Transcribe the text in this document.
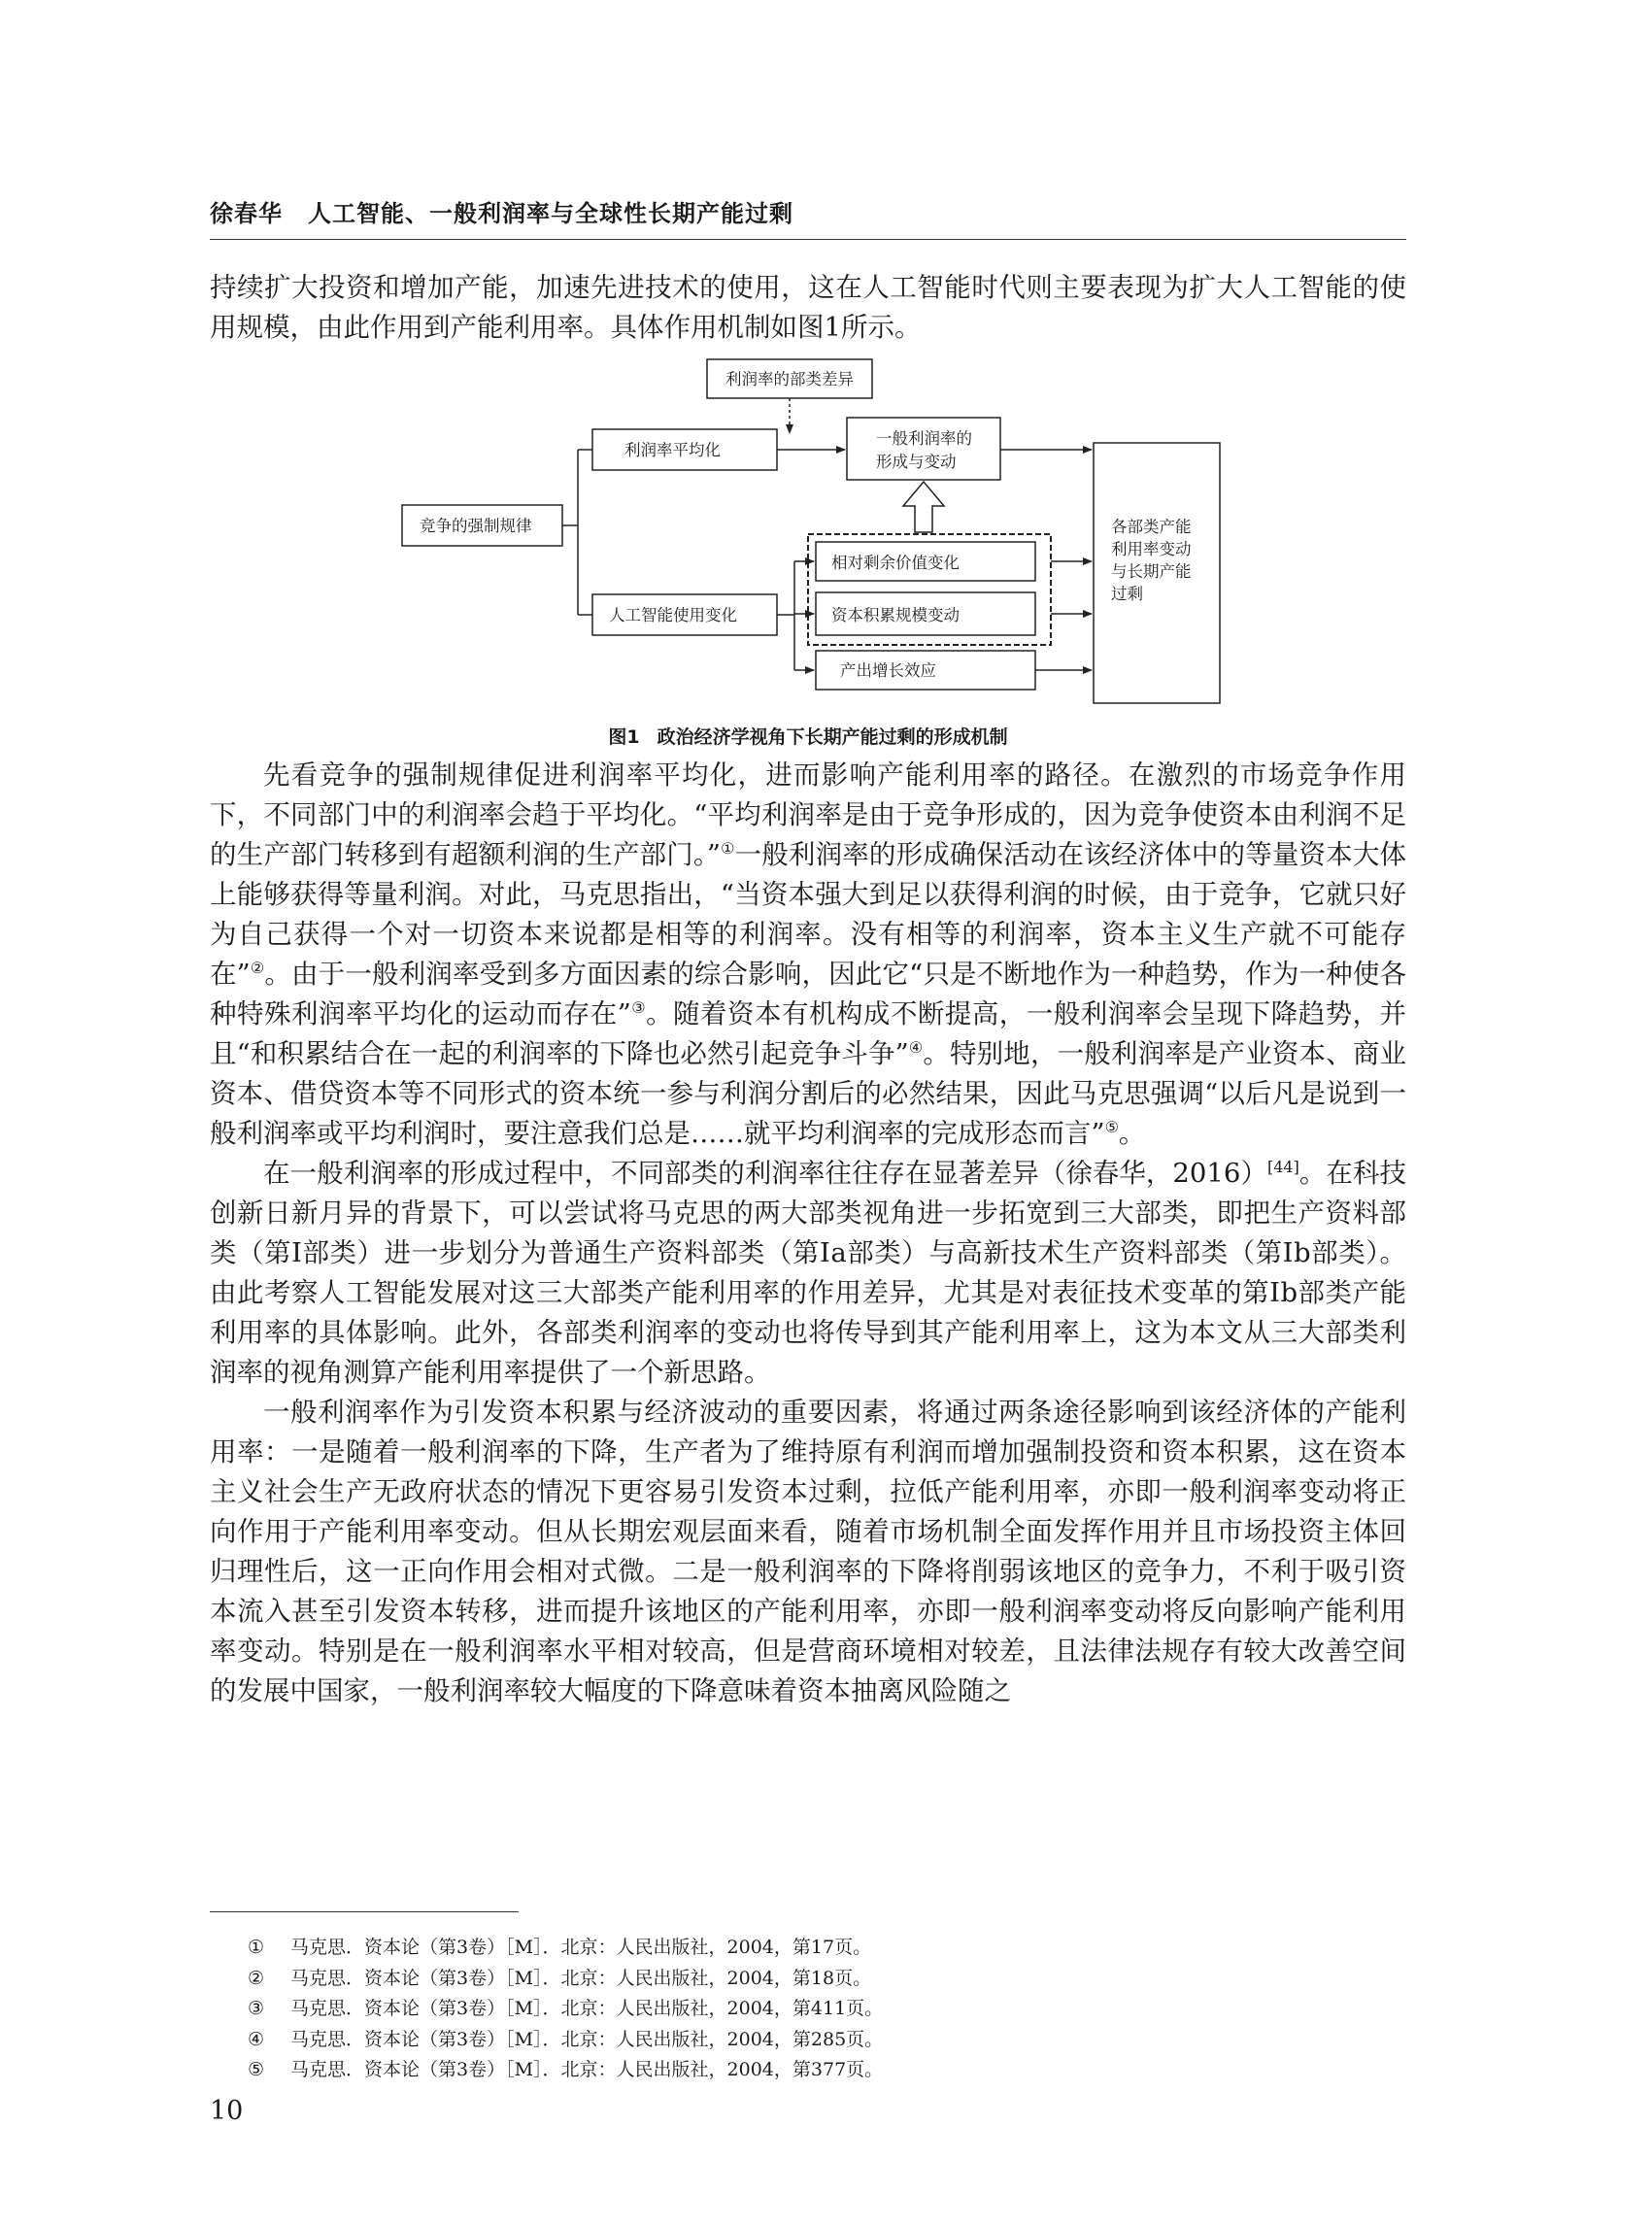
徐春华 人工智能、一般利润率与全球性长期产能过剩

持续扩大投资和增加产能，加速先进技术的使用，这在人工智能时代则主要表现为扩大人工智能的使用规模，由此作用到产能利用率。具体作用机制如图1所示。

利润率的部类差异
利润率平均化
一般利润率的
形成与变动
竞争的强制规律
相对剩余价值变化
资本积累规模变动
人工智能使用变化
产出增长效应
各部类产能
利用率变动
与长期产能
过剩
图1 政治经济学视角下长期产能过剩的形成机制

先看竞争的强制规律促进利润率平均化，进而影响产能利用率的路径。在激烈的市场竞争作用下，不同部门中的利润率会趋于平均化。“平均利润率是由于竞争形成的，因为竞争使资本由利润不足的生产部门转移到有超额利润的生产部门。”①一般利润率的形成确保活动在该经济体中的等量资本大体上能够获得等量利润。对此，马克思指出，“当资本强大到足以获得利润的时候，由于竞争，它就只好为自己获得一个对一切资本来说都是相等的利润率。没有相等的利润率，资本主义生产就不可能存在”②。由于一般利润率受到多方面因素的综合影响，因此它“只是不断地作为一种趋势，作为一种使各种特殊利润率平均化的运动而存在”③。随着资本有机构成不断提高，一般利润率会呈现下降趋势，并且“和积累结合在一起的利润率的下降也必然引起竞争斗争”④。特别地，一般利润率是产业资本、商业资本、借贷资本等不同形式的资本统一参与利润分割后的必然结果，因此马克思强调“以后凡是说到一般利润率或平均利润时，要注意我们总是……就平均利润率的完成形态而言”⑤。

在一般利润率的形成过程中，不同部类的利润率往往存在显著差异（徐春华，2016）[44]。在科技创新日新月异的背景下，可以尝试将马克思的两大部类视角进一步拓宽到三大部类，即把生产资料部类（第Ⅰ部类）进一步划分为普通生产资料部类（第Ⅰa部类）与高新技术生产资料部类（第Ⅰb部类）。由此考察人工智能发展对这三大部类产能利用率的作用差异，尤其是对表征技术变革的第Ⅰb部类产能利用率的具体影响。此外，各部类利润率的变动也将传导到其产能利用率上，这为本文从三大部类利润率的视角测算产能利用率提供了一个新思路。

一般利润率作为引发资本积累与经济波动的重要因素，将通过两条途径影响到该经济体的产能利用率：一是随着一般利润率的下降，生产者为了维持原有利润而增加强制投资和资本积累，这在资本主义社会生产无政府状态的情况下更容易引发资本过剩，拉低产能利用率，亦即一般利润率变动将正向作用于产能利用率变动。但从长期宏观层面来看，随着市场机制全面发挥作用并且市场投资主体回归理性后，这一正向作用会相对式微。二是一般利润率的下降将削弱该地区的竞争力，不利于吸引资本流入甚至引发资本转移，进而提升该地区的产能利用率，亦即一般利润率变动将反向影响产能利用率变动。特别是在一般利润率水平相对较高，但是营商环境相对较差，且法律法规存有较大改善空间的发展中国家，一般利润率较大幅度的下降意味着资本抽离风险随之

① 马克思．资本论（第3卷）［M］．北京：人民出版社，2004，第17页。
② 马克思．资本论（第3卷）［M］．北京：人民出版社，2004，第18页。
③ 马克思．资本论（第3卷）［M］．北京：人民出版社，2004，第411页。
④ 马克思．资本论（第3卷）［M］．北京：人民出版社，2004，第285页。
⑤ 马克思．资本论（第3卷）［M］．北京：人民出版社，2004，第377页。
10
